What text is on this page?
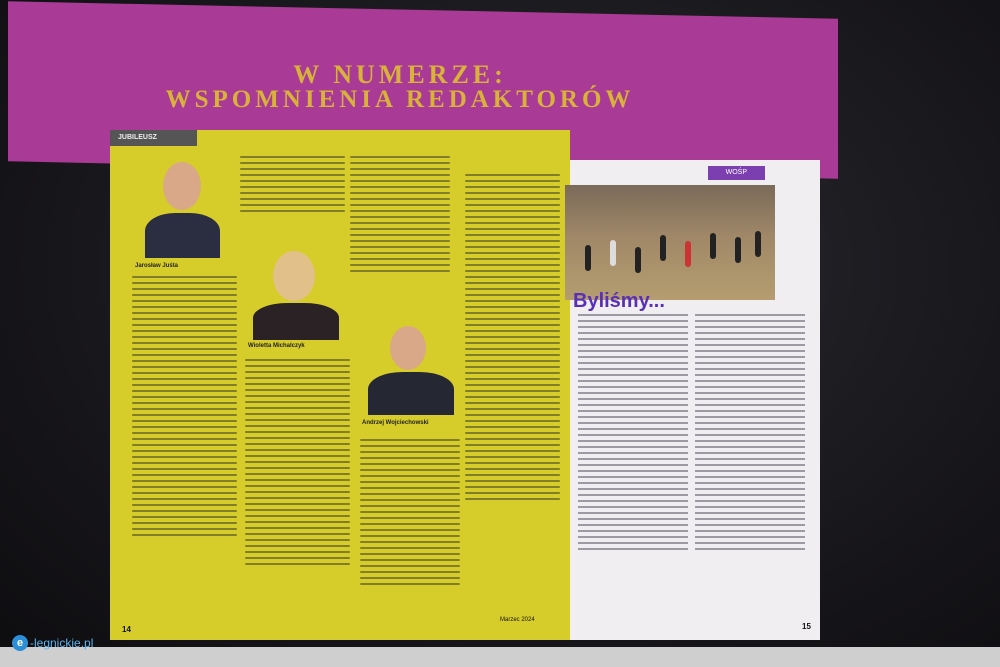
W NUMERZE:
WSPOMNIENIA REDAKTORÓW
JUBILEUSZ
Jarosław Juśta
Wioletta Michalczyk
Andrzej Wojciechowski
14
Marzec 2024
15
WOŚP
Byliśmy...
e -legnickie.pl
